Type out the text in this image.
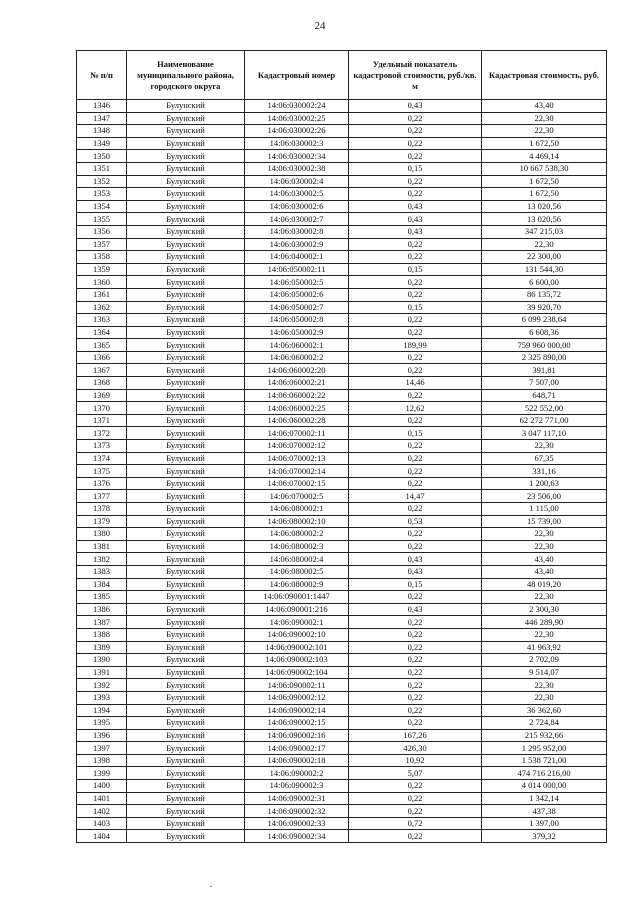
24
№ п/п	Наименование муниципального района, городского округа	Кадастровый номер	Удельный показатель кадастровой стоимости, руб./кв. м	Кадастровая стоимость, руб.
1346	Булунский	14:06:030002:24	0,43	43,40
1347	Булунский	14:06:030002:25	0,22	22,30
1348	Булунский	14:06:030002:26	0,22	22,30
1349	Булунский	14:06:030002:3	0,22	1 672,50
1350	Булунский	14:06:030002:34	0,22	4 469,14
1351	Булунский	14:06:030002:38	0,15	10 667 538,30
1352	Булунский	14:06:030002:4	0,22	1 672,50
1353	Булунский	14:06:030002:5	0,22	1 672,50
1354	Булунский	14:06:030002:6	0,43	13 020,56
1355	Булунский	14:06:030002:7	0,43	13 020,56
1356	Булунский	14:06:030002:8	0,43	347 215,03
1357	Булунский	14:06:030002:9	0,22	22,30
1358	Булунский	14:06:040002:1	0,22	22 300,00
1359	Булунский	14:06:050002:11	0,15	131 544,30
1360	Булунский	14:06:050002:5	0,22	6 600,00
1361	Булунский	14:06:050002:6	0,22	86 135,72
1362	Булунский	14:06:050002:7	0,15	39 920,70
1363	Булунский	14:06:050002:8	0,22	6 099 238,64
1364	Булунский	14:06:050002:9	0,22	6 608,36
1365	Булунский	14:06:060002:1	189,99	759 960 000,00
1366	Булунский	14:06:060002:2	0,22	2 325 890,00
1367	Булунский	14:06:060002:20	0,22	391,81
1368	Булунский	14:06:060002:21	14,46	7 507,00
1369	Булунский	14:06:060002:22	0,22	648,71
1370	Булунский	14:06:060002:25	12,62	522 552,00
1371	Булунский	14:06:060002:28	0,22	62 272 771,00
1372	Булунский	14:06:070002:11	0,15	3 047 117,10
1373	Булунский	14:06:070002:12	0,22	22,30
1374	Булунский	14:06:070002:13	0,22	67,35
1375	Булунский	14:06:070002:14	0,22	331,16
1376	Булунский	14:06:070002:15	0,22	1 200,63
1377	Булунский	14:06:070002:5	14,47	23 506,00
1378	Булунский	14:06:080002:1	0,22	1 115,00
1379	Булунский	14:06:080002:10	0,53	15 739,00
1380	Булунский	14:06:080002:2	0,22	22,30
1381	Булунский	14:06:080002:3	0,22	22,30
1382	Булунский	14:06:080002:4	0,43	43,40
1383	Булунский	14:06:080002:5	0,43	43,40
1384	Булунский	14:06:080002:9	0,15	48 019,20
1385	Булунский	14:06:090001:1447	0,22	22,30
1386	Булунский	14:06:090001:216	0,43	2 300,30
1387	Булунский	14:06:090002:1	0,22	446 289,90
1388	Булунский	14:06:090002:10	0,22	22,30
1389	Булунский	14:06:090002:101	0,22	41 963,92
1390	Булунский	14:06:090002:103	0,22	2 702,09
1391	Булунский	14:06:090002:104	0,22	9 514,07
1392	Булунский	14:06:090002:11	0,22	22,30
1393	Булунский	14:06:090002:12	0,22	22,30
1394	Булунский	14:06:090002:14	0,22	36 362,60
1395	Булунский	14:06:090002:15	0,22	2 724,84
1396	Булунский	14:06:090002:16	167,26	215 932,66
1397	Булунский	14:06:090002:17	426,30	1 295 952,00
1398	Булунский	14:06:090002:18	10,92	1 538 721,00
1399	Булунский	14:06:090002:2	5,07	474 716 216,00
1400	Булунский	14:06:090002:3	0,22	4 014 000,00
1401	Булунский	14:06:090002:31	0,22	1 342,14
1402	Булунский	14:06:090002:32	0,22	437,38
1403	Булунский	14:06:090002:33	0,72	1 397,00
1404	Булунский	14:06:090002:34	0,22	379,32
